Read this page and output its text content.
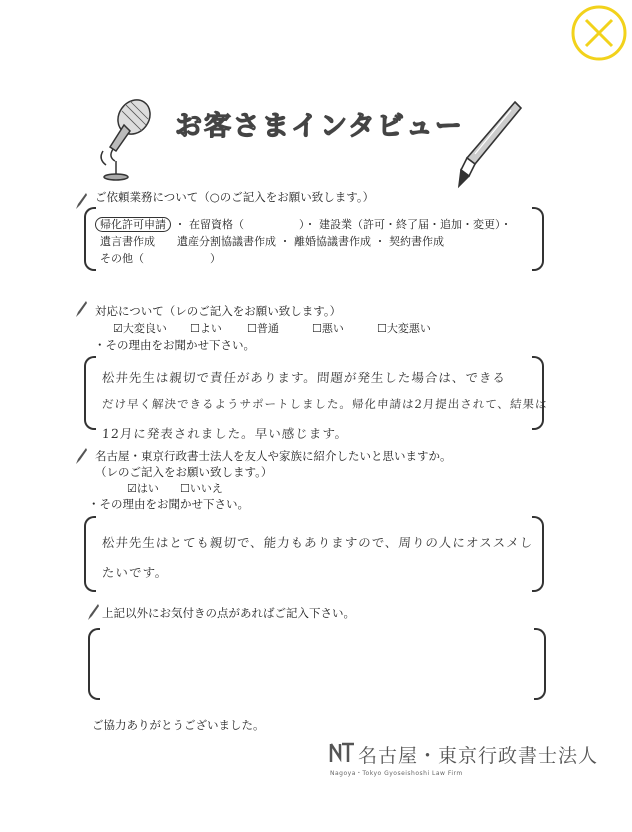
お客さまインタビュー
ご依頼業務について（○のご記入をお願い致します。）
帰化許可申請 ・ 在留資格（　　　　　）・ 建設業（許可・終了届・追加・変更）・
遺言書作成　　遺産分割協議書作成 ・ 離婚協議書作成 ・ 契約書作成
その他（　　　　　　）
対応について（レのご記入をお願い致します。）
☑大変良い ☐よい ☐普通	☐悪い	☐大変悪い
・その理由をお聞かせ下さい。
松井先生は親切で責任があります。問題が発生した場合は、できる
だけ早く解決できるようサポートしました。帰化申請は2月提出されて、結果は
12月に発表されました。早い感じます。
名古屋・東京行政書士法人を友人や家族に紹介したいと思いますか。
（レのご記入をお願い致します。）
☑はい ☐いいえ
・その理由をお聞かせ下さい。
松井先生はとても親切で、能力もありますので、周りの人にオススメし
たいです。
上記以外にお気付きの点があればご記入下さい。
ご協力ありがとうございました。
名古屋・東京行政書士法人
Nagoya・Tokyo Gyoseishoshi Law Firm
